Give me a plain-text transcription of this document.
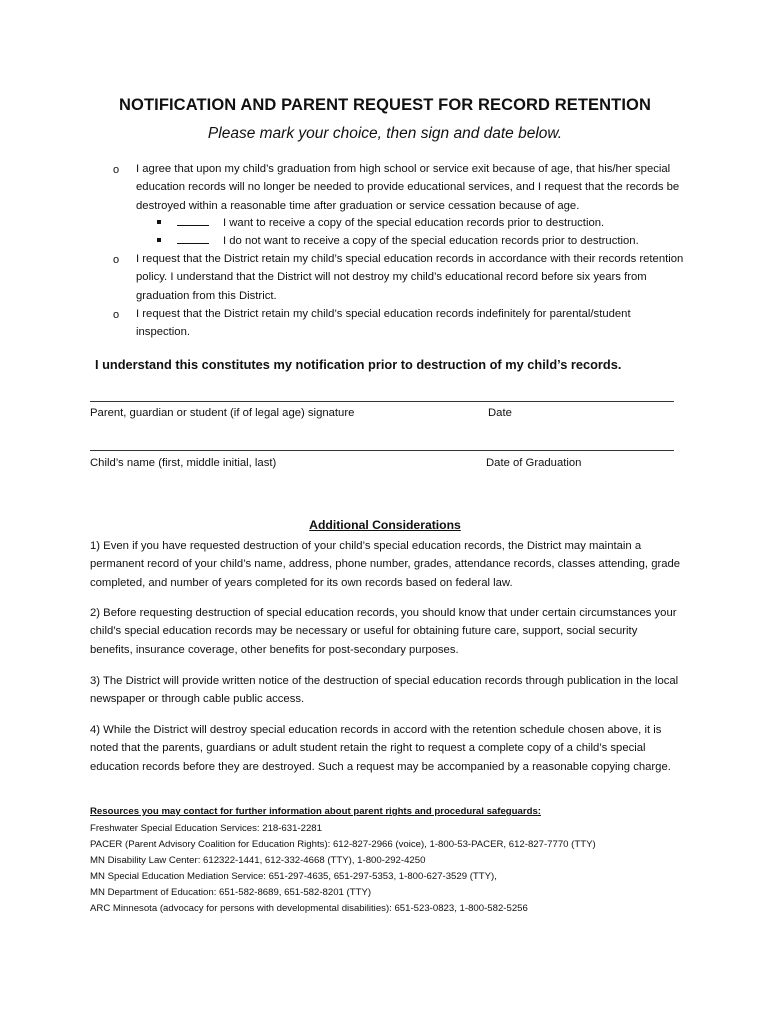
NOTIFICATION AND PARENT REQUEST FOR RECORD RETENTION
Please mark your choice, then sign and date below.
o I agree that upon my child’s graduation from high school or service exit because of age, that his/her special education records will no longer be needed to provide educational services, and I request that the records be destroyed within a reasonable time after graduation or service cessation because of age.
I want to receive a copy of the special education records prior to destruction.
I do not want to receive a copy of the special education records prior to destruction.
o I request that the District retain my child’s special education records in accordance with their records retention policy. I understand that the District will not destroy my child’s educational record before six years from graduation from this District.
o I request that the District retain my child’s special education records indefinitely for parental/student inspection.
I understand this constitutes my notification prior to destruction of my child’s records.
Parent, guardian or student (if of legal age) signature	Date
Child’s name (first, middle initial, last)	Date of Graduation
Additional Considerations
1) Even if you have requested destruction of your child’s special education records, the District may maintain a permanent record of your child’s name, address, phone number, grades, attendance records, classes attending, grade completed, and number of years completed for its own records based on federal law.
2) Before requesting destruction of special education records, you should know that under certain circumstances your child’s special education records may be necessary or useful for obtaining future care, support, social security benefits, insurance coverage, other benefits for post-secondary purposes.
3) The District will provide written notice of the destruction of special education records through publication in the local newspaper or through cable public access.
4) While the District will destroy special education records in accord with the retention schedule chosen above, it is noted that the parents, guardians or adult student retain the right to request a complete copy of a child’s special education records before they are destroyed. Such a request may be accompanied by a reasonable copying charge.
Resources you may contact for further information about parent rights and procedural safeguards:
Freshwater Special Education Services: 218-631-2281
PACER (Parent Advisory Coalition for Education Rights): 612-827-2966 (voice), 1-800-53-PACER, 612-827-7770 (TTY)
MN Disability Law Center: 612322-1441, 612-332-4668 (TTY), 1-800-292-4250
MN Special Education Mediation Service: 651-297-4635, 651-297-5353, 1-800-627-3529 (TTY),
MN Department of Education: 651-582-8689, 651-582-8201 (TTY)
ARC Minnesota (advocacy for persons with developmental disabilities): 651-523-0823, 1-800-582-5256
